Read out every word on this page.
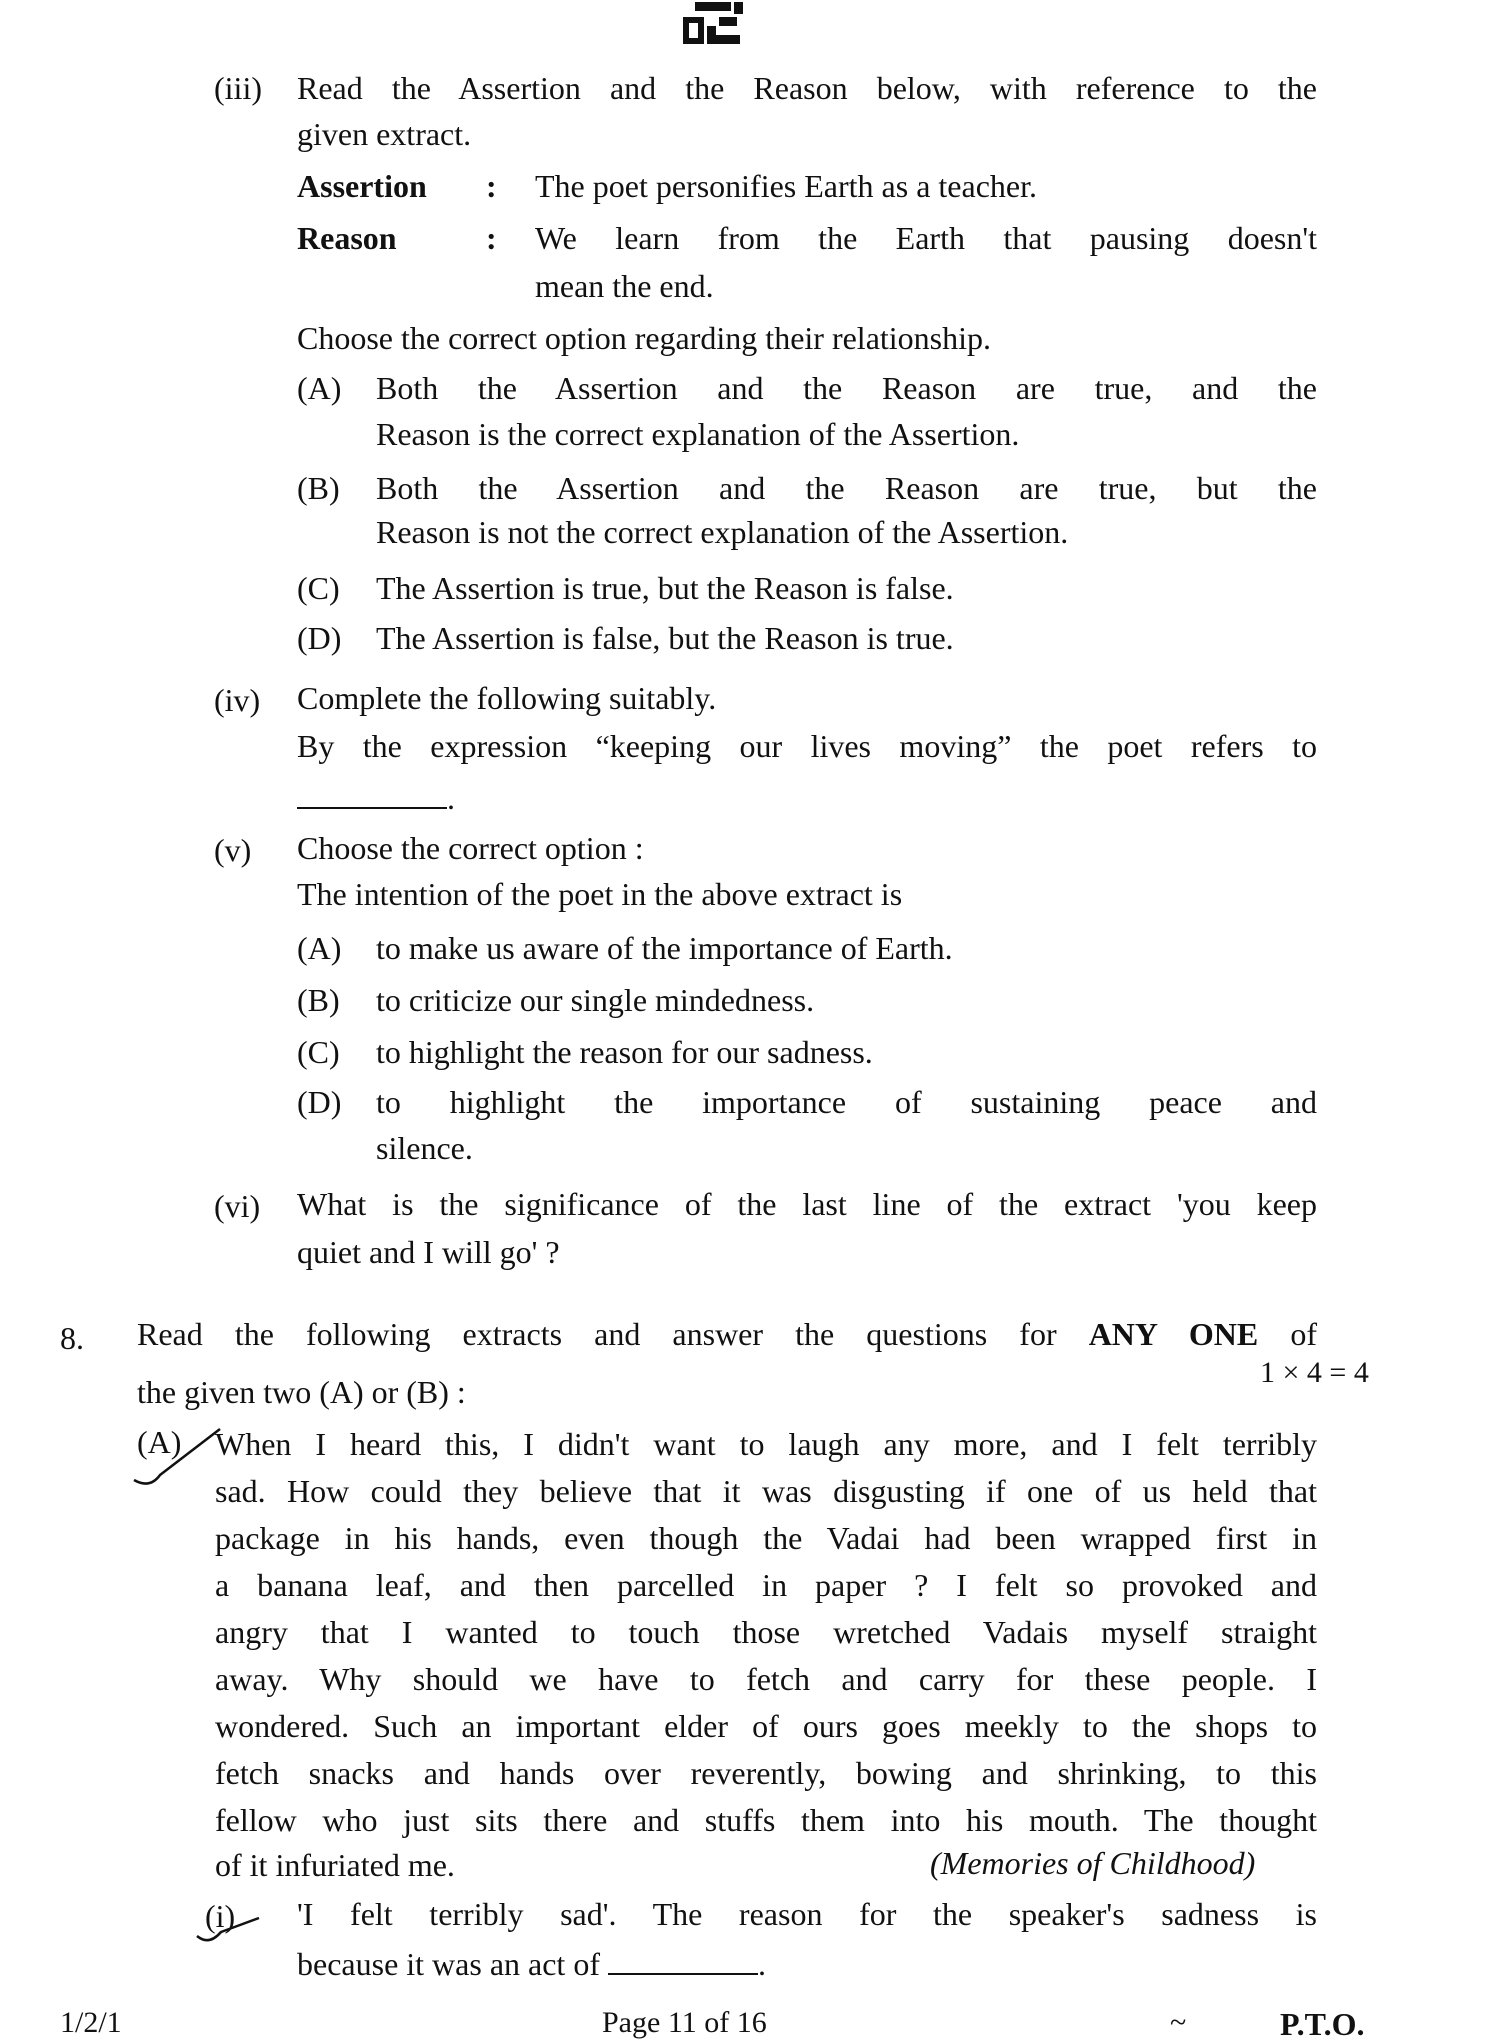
(iii) Read the Assertion and the Reason below, with reference to the
given extract.
Assertion : The poet personifies Earth as a teacher.
Reason	: We learn from the Earth that pausing doesn't
mean the end.
Choose the correct option regarding their relationship.
(A) Both the Assertion and the Reason are true, and the
Reason is the correct explanation of the Assertion.
(B) Both the Assertion and the Reason are true, but the
Reason is not the correct explanation of the Assertion.
(C) The Assertion is true, but the Reason is false.
(D) The Assertion is false, but the Reason is true.
(iv) Complete the following suitably.
By the expression “keeping our lives moving” the poet refers to
.
(v) Choose the correct option :
The intention of the poet in the above extract is
(A) to make us aware of the importance of Earth.
(B) to criticize our single mindedness.
(C) to highlight the reason for our sadness.
(D) to highlight the importance of sustaining peace and
silence.
(vi) What is the significance of the last line of the extract 'you keep
quiet and I will go' ?
8. Read the following extracts and answer the questions for ANY ONE of
the given two (A) or (B) :
1 × 4 = 4
(A) When I heard this, I didn't want to laugh any more, and I felt terribly
sad. How could they believe that it was disgusting if one of us held that
package in his hands, even though the Vadai had been wrapped first in
a banana leaf, and then parcelled in paper ? I felt so provoked and
angry that I wanted to touch those wretched Vadais myself straight
away. Why should we have to fetch and carry for these people. I
wondered. Such an important elder of ours goes meekly to the shops to
fetch snacks and hands over reverently, bowing and shrinking, to this
fellow who just sits there and stuffs them into his mouth. The thought
of it infuriated me.	(Memories of Childhood)
(i) 'I felt terribly sad'. The reason for the speaker's sadness is
because it was an act of	.
1/2/1	Page 11 of 16	~	P.T.O.
